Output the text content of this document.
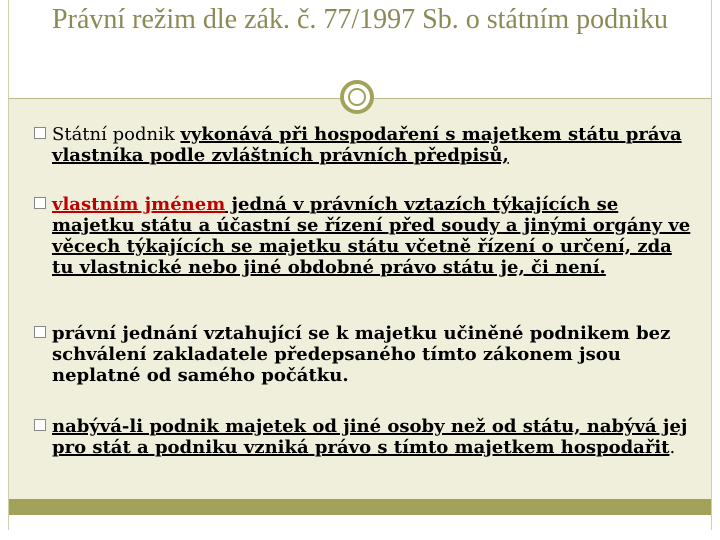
Právní režim dle zák. č. 77/1997 Sb. o státním podniku
Státní podnik vykonává při hospodaření s majetkem státu práva vlastníka podle zvláštních právních předpisů,
vlastním jménem jedná v právních vztazích týkajících se majetku státu a účastní se řízení před soudy a jinými orgány ve věcech týkajících se majetku státu včetně řízení o určení, zda tu vlastnické nebo jiné obdobné právo státu je, či není.
právní jednání vztahující se k majetku učiněné podnikem bez schválení zakladatele předepsaného tímto zákonem jsou neplatné od samého počátku.
nabývá-li podnik majetek od jiné osoby než od státu, nabývá jej pro stát a podniku vzniká právo s tímto majetkem hospodařit.
